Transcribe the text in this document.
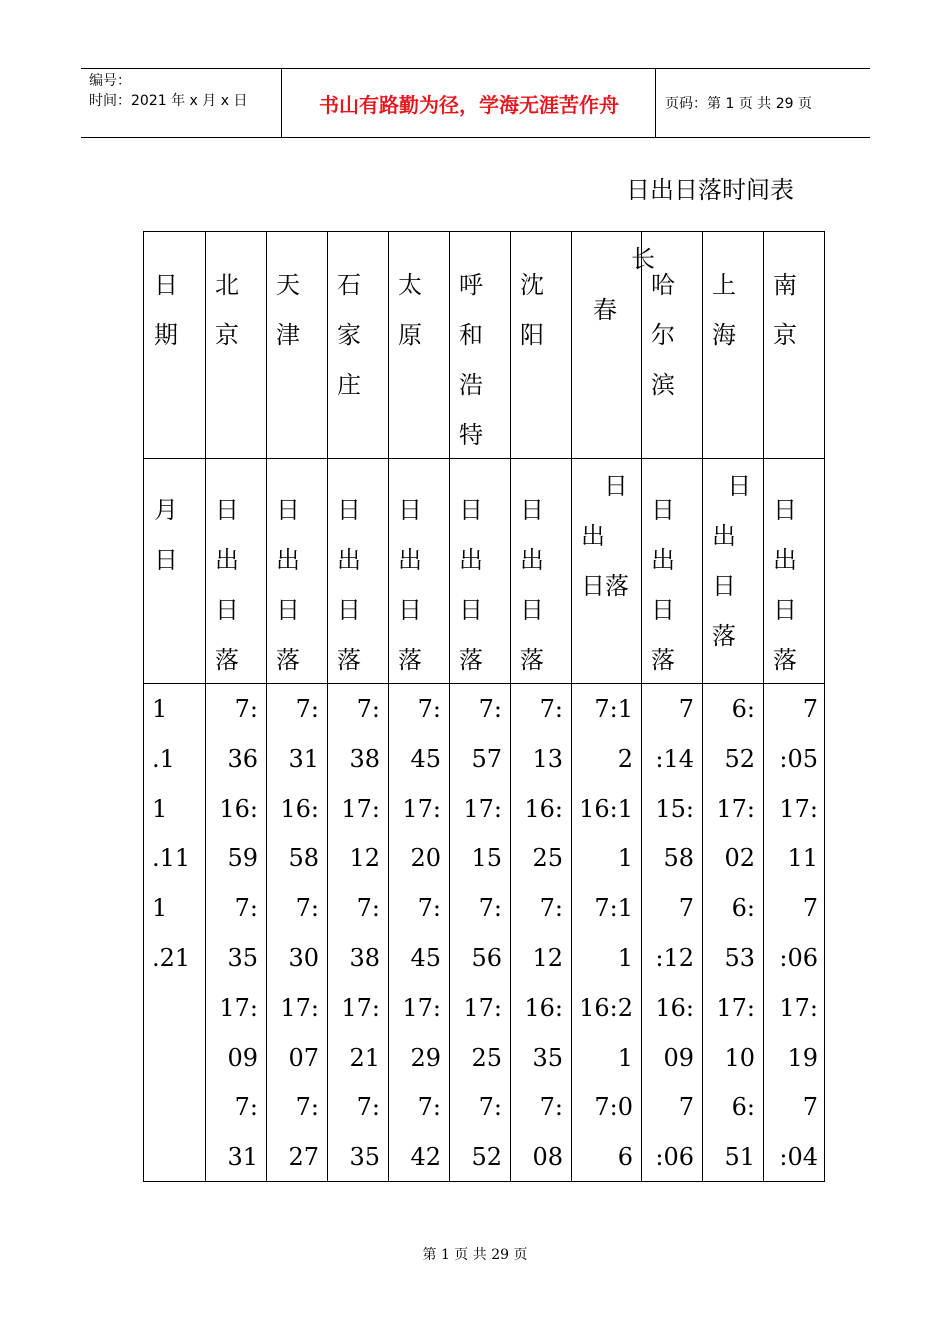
编号：
时间：2021 年 x 月 x 日	书山有路勤为径，学海无涯苦作舟	页码：第 1 页 共 29 页
日出日落时间表
日
期
北
京
天
津
石
家
庄
太
原
呼
和
浩
特
沈
阳
长
春
哈
尔
滨
上
海
南
京
月
日
日
出
日
落
日
出
日
落
日
出
日
落
日
出
日
落
日
出
日
落
日
出
日
落
日
出
日落
日
出
日
落
日
出
日
落
日
出
日
落
1
.1
1
.11
1
.21
7:
36
16:
59
7:
35
17:
09
7:
31
7:
31
16:
58
7:
30
17:
07
7:
27
7:
38
17:
12
7:
38
17:
21
7:
35
7:
45
17:
20
7:
45
17:
29
7:
42
7:
57
17:
15
7:
56
17:
25
7:
52
7:
13
16:
25
7:
12
16:
35
7:
08
7:1
2
16:1
1
7:1
1
16:2
1
7:0
6
7
:14
15:
58
7
:12
16:
09
7
:06
6:
52
17:
02
6:
53
17:
10
6:
51
7
:05
17:
11
7
:06
17:
19
7
:04
第 1 页 共 29 页
